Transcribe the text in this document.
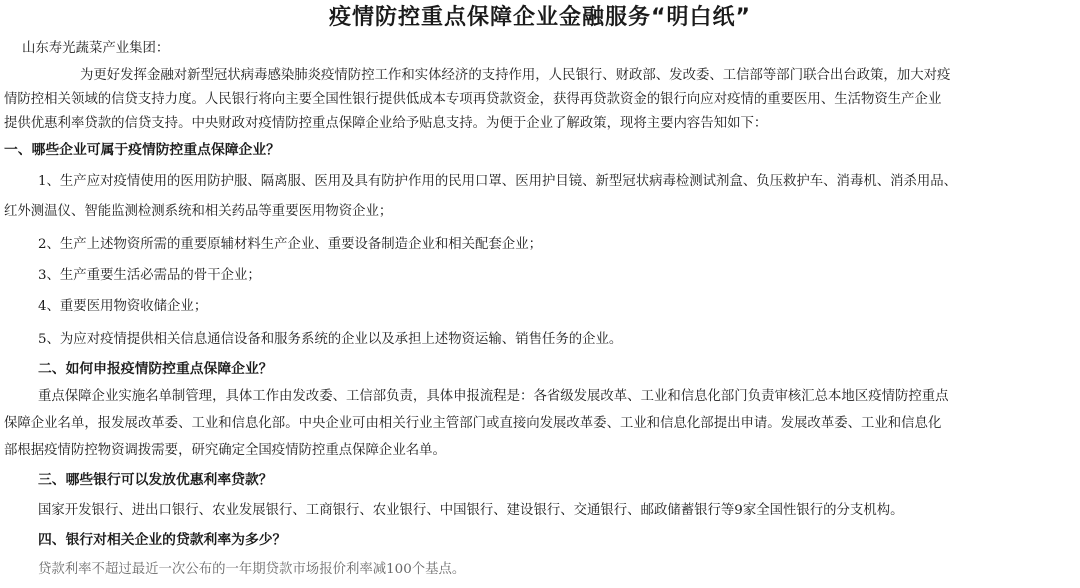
疫情防控重点保障企业金融服务“明白纸”

山东寿光蔬菜产业集团：

为更好发挥金融对新型冠状病毒感染肺炎疫情防控工作和实体经济的支持作用，人民银行、财政部、发改委、工信部等部门联合出台政策，加大对疫

情防控相关领域的信贷支持力度。人民银行将向主要全国性银行提供低成本专项再贷款资金，获得再贷款资金的银行向应对疫情的重要医用、生活物资生产企业

提供优惠利率贷款的信贷支持。中央财政对疫情防控重点保障企业给予贴息支持。为便于企业了解政策，现将主要内容告知如下：

一、哪些企业可属于疫情防控重点保障企业？

1、生产应对疫情使用的医用防护服、隔离服、医用及具有防护作用的民用口罩、医用护目镜、新型冠状病毒检测试剂盒、负压救护车、消毒机、消杀用品、

红外测温仪、智能监测检测系统和相关药品等重要医用物资企业；

2、生产上述物资所需的重要原辅材料生产企业、重要设备制造企业和相关配套企业；

3、生产重要生活必需品的骨干企业；

4、重要医用物资收储企业；

5、为应对疫情提供相关信息通信设备和服务系统的企业以及承担上述物资运输、销售任务的企业。

二、如何申报疫情防控重点保障企业？

重点保障企业实施名单制管理，具体工作由发改委、工信部负责，具体申报流程是：各省级发展改革、工业和信息化部门负责审核汇总本地区疫情防控重点

保障企业名单，报发展改革委、工业和信息化部。中央企业可由相关行业主管部门或直接向发展改革委、工业和信息化部提出申请。发展改革委、工业和信息化

部根据疫情防控物资调拨需要，研究确定全国疫情防控重点保障企业名单。

三、哪些银行可以发放优惠利率贷款？

国家开发银行、进出口银行、农业发展银行、工商银行、农业银行、中国银行、建设银行、交通银行、邮政储蓄银行等9家全国性银行的分支机构。

四、银行对相关企业的贷款利率为多少？

贷款利率不超过最近一次公布的一年期贷款市场报价利率减100个基点。
